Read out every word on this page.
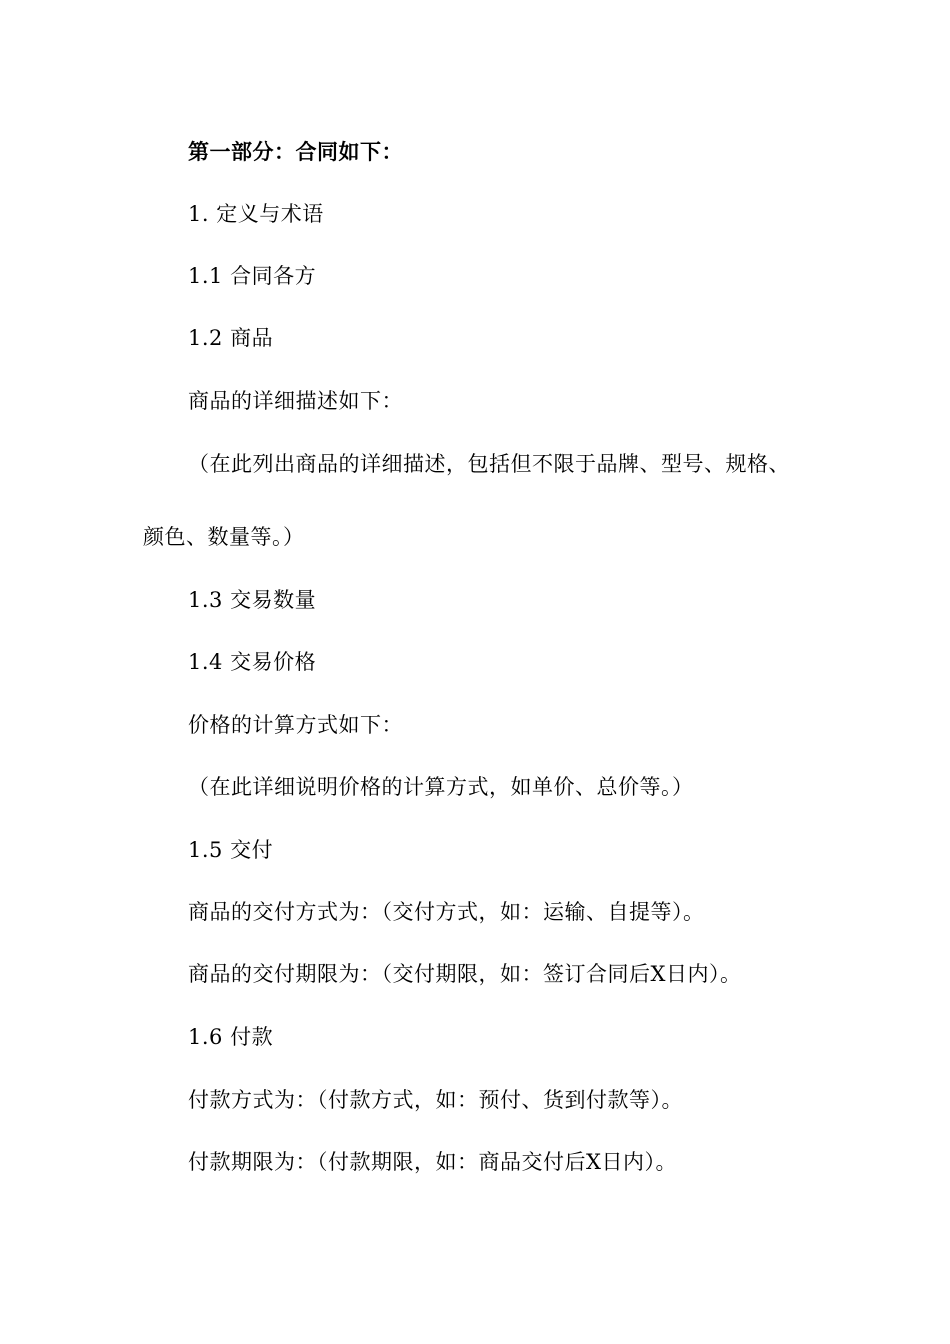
第一部分：合同如下：
1. 定义与术语
1.1 合同各方
1.2 商品
商品的详细描述如下：
（在此列出商品的详细描述，包括但不限于品牌、型号、规格、
颜色、数量等。）
1.3 交易数量
1.4 交易价格
价格的计算方式如下：
（在此详细说明价格的计算方式，如单价、总价等。）
1.5 交付
商品的交付方式为：（交付方式，如：运输、自提等）。
商品的交付期限为：（交付期限，如：签订合同后X日内）。
1.6 付款
付款方式为：（付款方式，如：预付、货到付款等）。
付款期限为：（付款期限，如：商品交付后X日内）。
